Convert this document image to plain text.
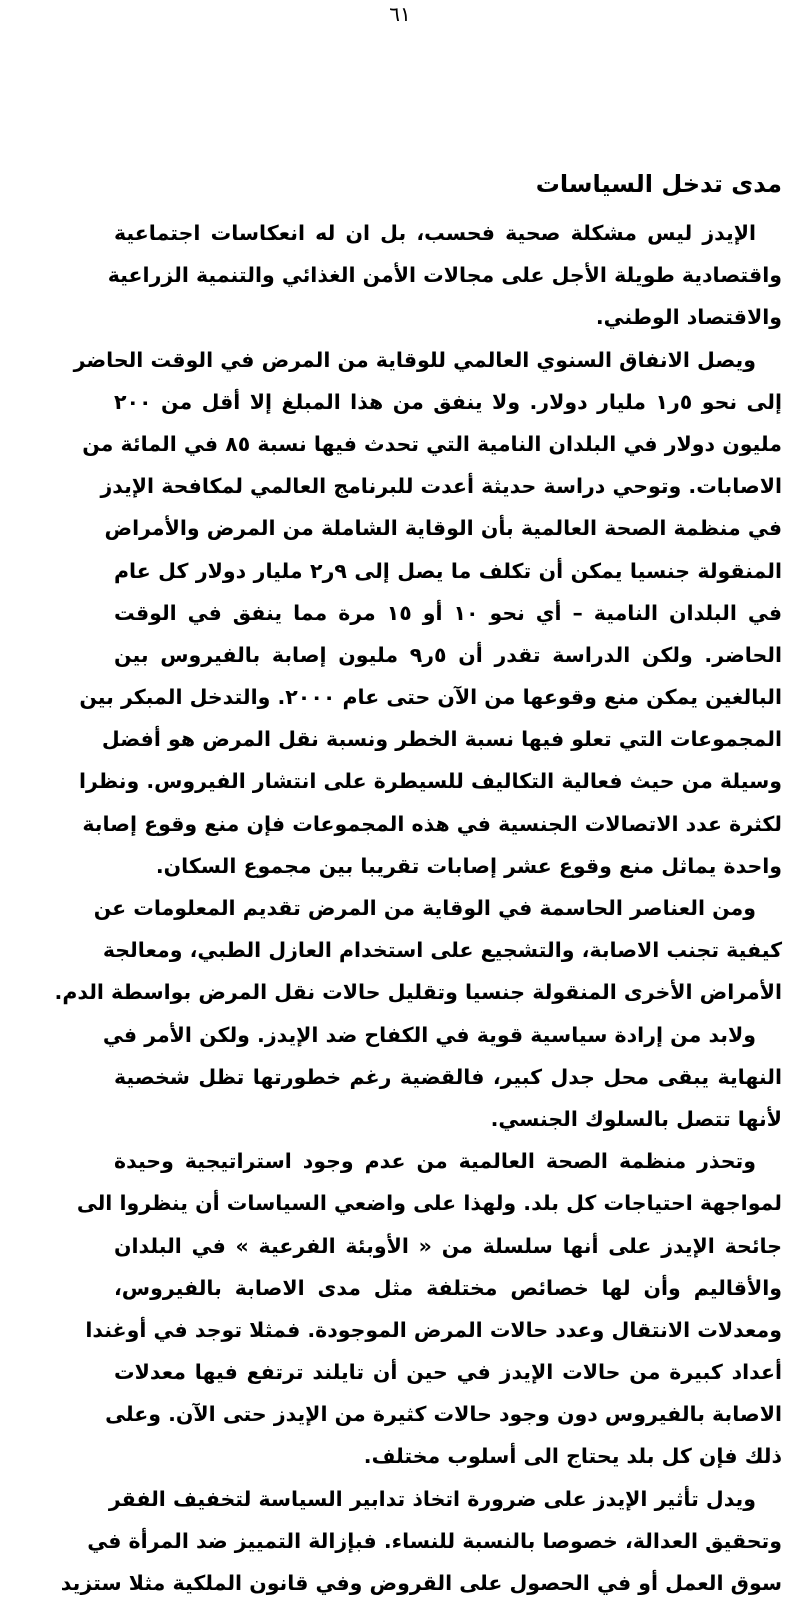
٦١
مدى تدخل السياسات
الإيدز ليس مشكلة صحية فحسب، بل ان له انعكاسات اجتماعية
واقتصادية طويلة الأجل على مجالات الأمن الغذائي والتنمية الزراعية
والاقتصاد الوطني.
ويصل الانفاق السنوي العالمي للوقاية من المرض في الوقت الحاضر
إلى نحو ٥ر١ مليار دولار. ولا ينفق من هذا المبلغ إلا أقل من ٢٠٠
مليون دولار في البلدان النامية التي تحدث فيها نسبة ٨٥ في المائة من
الاصابات. وتوحي دراسة حديثة أعدت للبرنامج العالمي لمكافحة الإيدز
في منظمة الصحة العالمية بأن الوقاية الشاملة من المرض والأمراض
المنقولة جنسيا يمكن أن تكلف ما يصل إلى ٩ر٢ مليار دولار كل عام
في البلدان النامية – أي نحو ١٠ أو ١٥ مرة مما ينفق في الوقت
الحاضر. ولكن الدراسة تقدر أن ٥ر٩ مليون إصابة بالفيروس بين
البالغين يمكن منع وقوعها من الآن حتى عام ٢٠٠٠. والتدخل المبكر بين
المجموعات التي تعلو فيها نسبة الخطر ونسبة نقل المرض هو أفضل
وسيلة من حيث فعالية التكاليف للسيطرة على انتشار الفيروس. ونظرا
لكثرة عدد الاتصالات الجنسية في هذه المجموعات فإن منع وقوع إصابة
واحدة يماثل منع وقوع عشر إصابات تقريبا بين مجموع السكان.
ومن العناصر الحاسمة في الوقاية من المرض تقديم المعلومات عن
كيفية تجنب الاصابة، والتشجيع على استخدام العازل الطبي، ومعالجة
الأمراض الأخرى المنقولة جنسيا وتقليل حالات نقل المرض بواسطة الدم.
ولابد من إرادة سياسية قوية في الكفاح ضد الإيدز. ولكن الأمر في
النهاية يبقى محل جدل كبير، فالقضية رغم خطورتها تظل شخصية
لأنها تتصل بالسلوك الجنسي.
وتحذر منظمة الصحة العالمية من عدم وجود استراتيجية وحيدة
لمواجهة احتياجات كل بلد. ولهذا على واضعي السياسات أن ينظروا الى
جائحة الإيدز على أنها سلسلة من « الأوبئة الفرعية » في البلدان
والأقاليم وأن لها خصائص مختلفة مثل مدى الاصابة بالفيروس،
ومعدلات الانتقال وعدد حالات المرض الموجودة. فمثلا توجد في أوغندا
أعداد كبيرة من حالات الإيدز في حين أن تايلند ترتفع فيها معدلات
الاصابة بالفيروس دون وجود حالات كثيرة من الإيدز حتى الآن. وعلى
ذلك فإن كل بلد يحتاج الى أسلوب مختلف.
ويدل تأثير الإيدز على ضرورة اتخاذ تدابير السياسة لتخفيف الفقر
وتحقيق العدالة، خصوصا بالنسبة للنساء. فبإزالة التمييز ضد المرأة في
سوق العمل أو في الحصول على القروض وفي قانون الملكية مثلا ستزيد
